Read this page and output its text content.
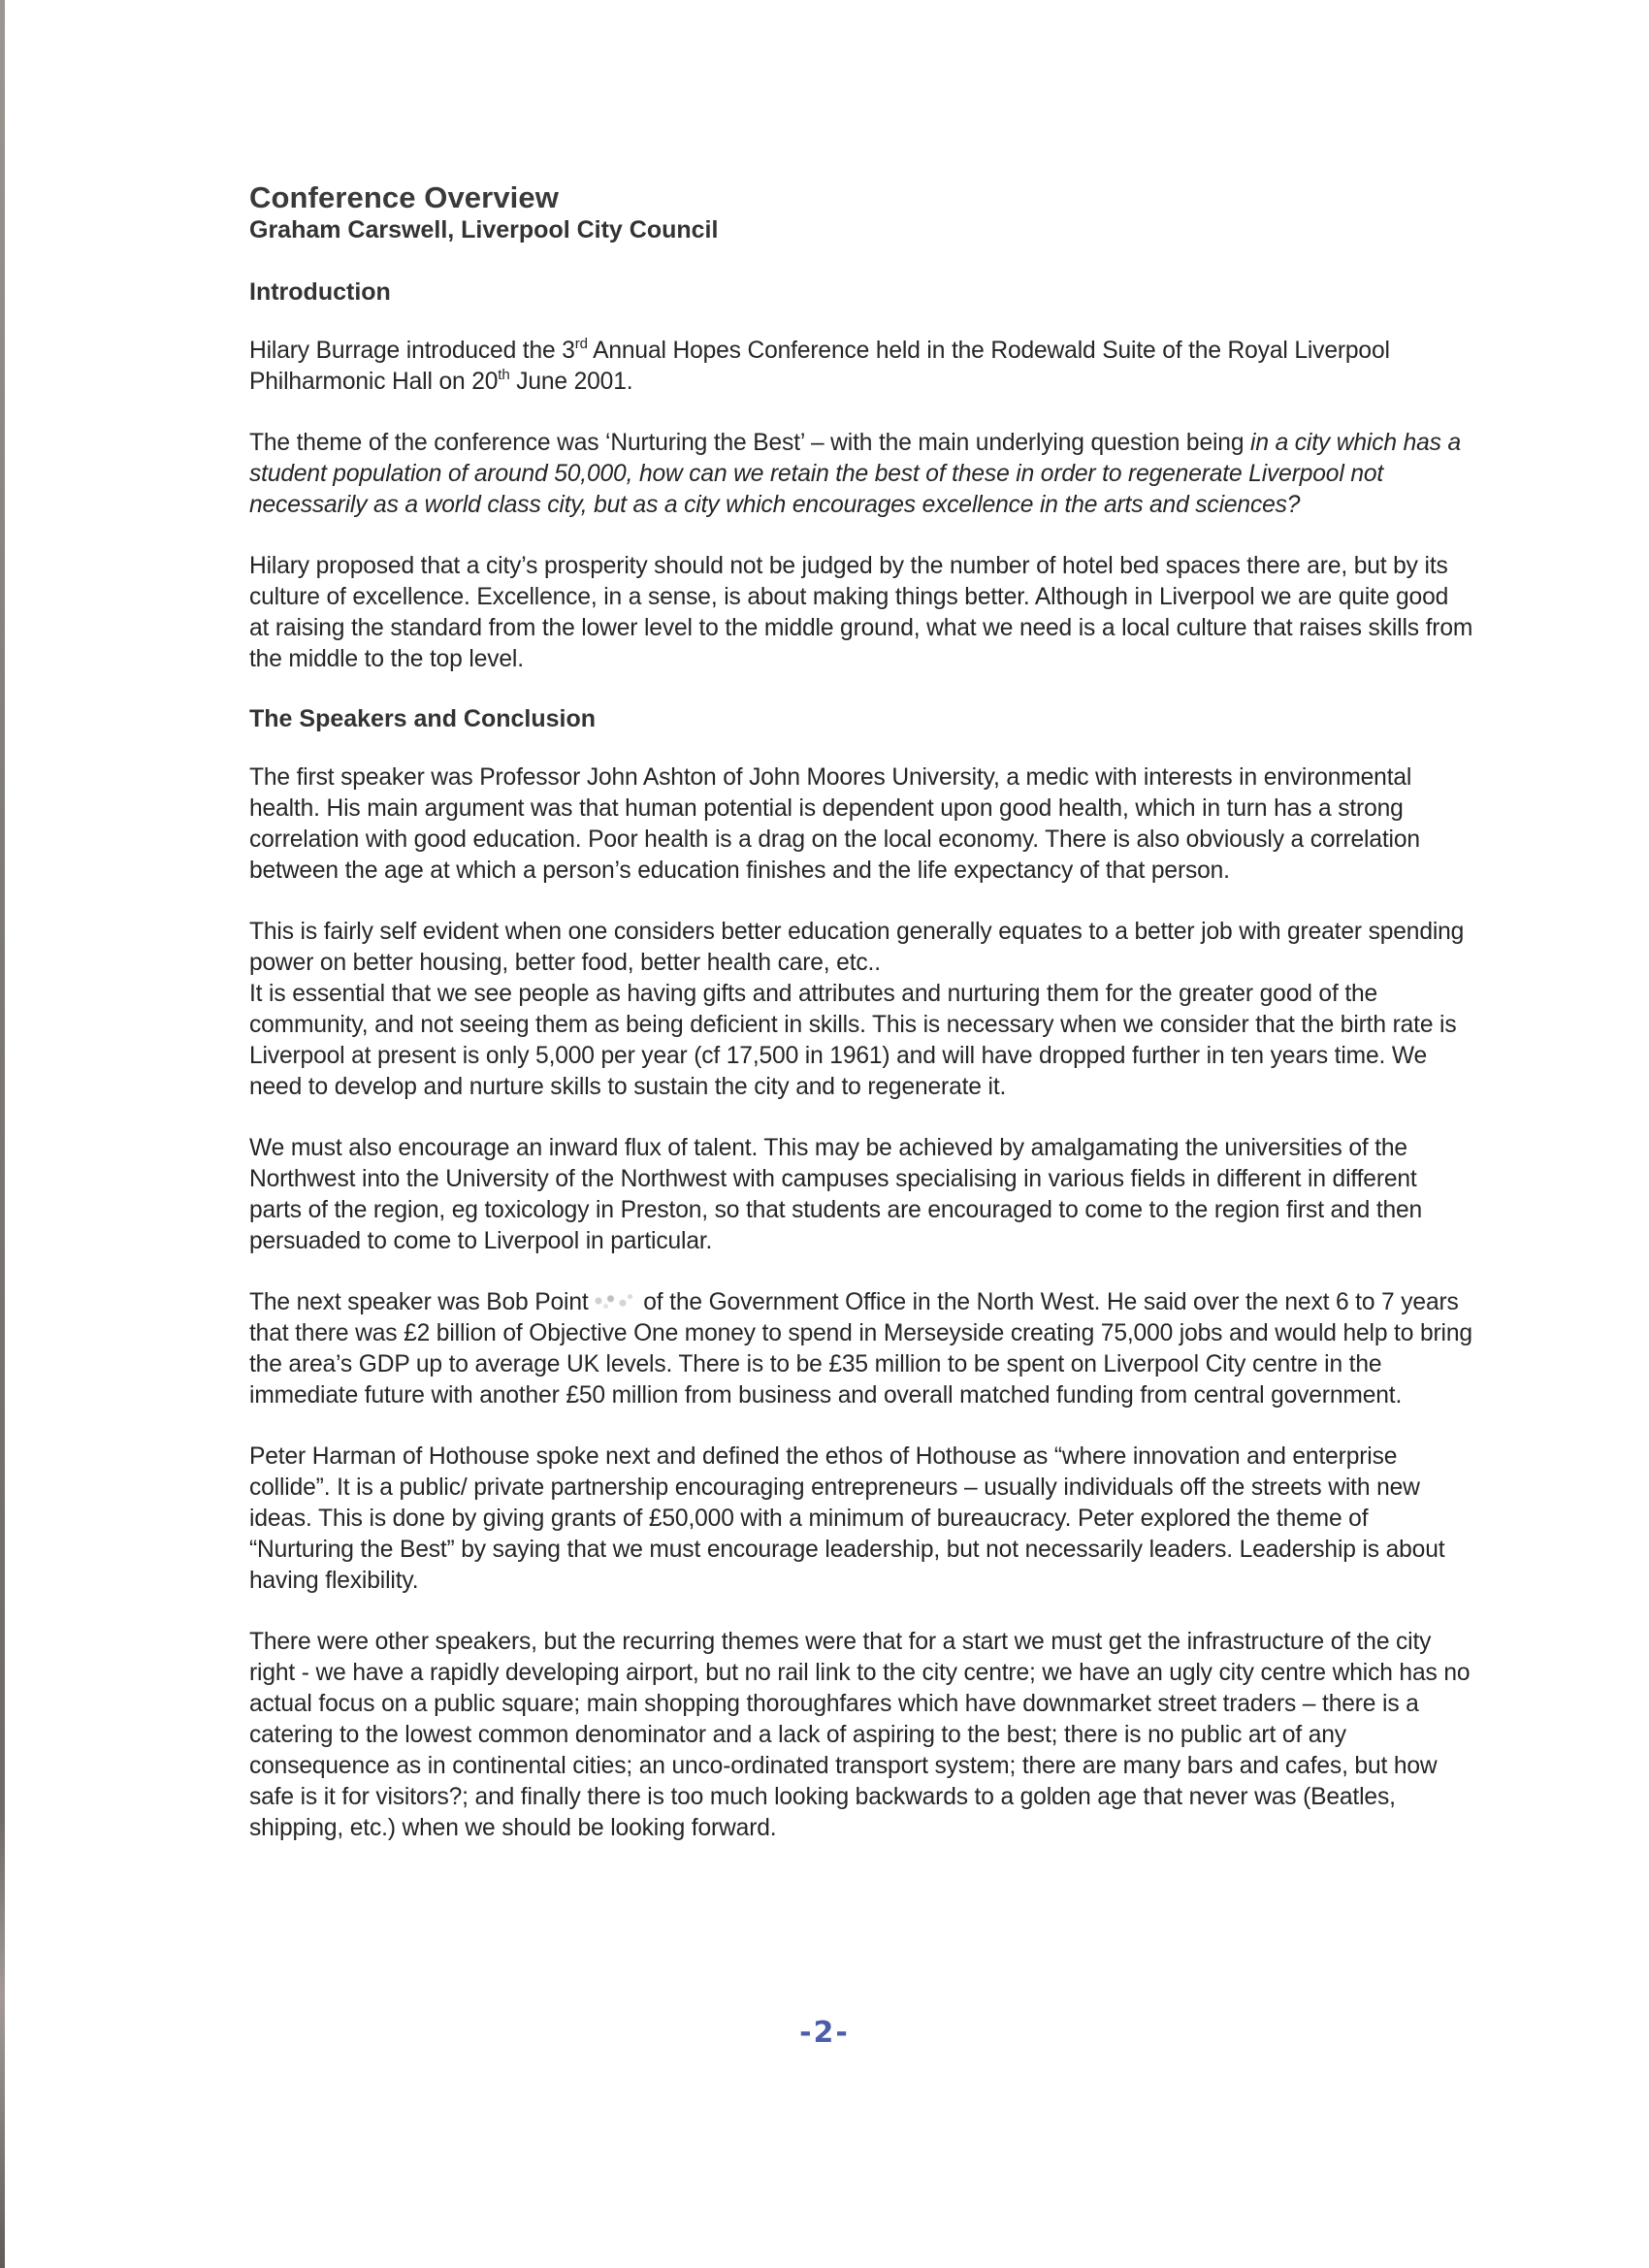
Conference Overview
Graham Carswell, Liverpool City Council
Introduction

Hilary Burrage introduced the 3rd Annual Hopes Conference held in the Rodewald Suite of the Royal Liverpool Philharmonic Hall on 20th June 2001.

The theme of the conference was ‘Nurturing the Best’ – with the main underlying question being in a city which has a student population of around 50,000, how can we retain the best of these in order to regenerate Liverpool not necessarily as a world class city, but as a city which encourages excellence in the arts and sciences?

Hilary proposed that a city’s prosperity should not be judged by the number of hotel bed spaces there are, but by its culture of excellence. Excellence, in a sense, is about making things better. Although in Liverpool we are quite good at raising the standard from the lower level to the middle ground, what we need is a local culture that raises skills from the middle to the top level.

The Speakers and Conclusion

The first speaker was Professor John Ashton of John Moores University, a medic with interests in environmental health. His main argument was that human potential is dependent upon good health, which in turn has a strong correlation with good education. Poor health is a drag on the local economy. There is also obviously a correlation between the age at which a person’s education finishes and the life expectancy of that person.

This is fairly self evident when one considers better education generally equates to a better job with greater spending power on better housing, better food, better health care, etc..

It is essential that we see people as having gifts and attributes and nurturing them for the greater good of the community, and not seeing them as being deficient in skills. This is necessary when we consider that the birth rate is Liverpool at present is only 5,000 per year (cf 17,500 in 1961) and will have dropped further in ten years time. We need to develop and nurture skills to sustain the city and to regenerate it.

We must also encourage an inward flux of talent. This may be achieved by amalgamating the universities of the Northwest into the University of the Northwest with campuses specialising in various fields in different in different parts of the region, eg toxicology in Preston, so that students are encouraged to come to the region first and then persuaded to come to Liverpool in particular.

The next speaker was Bob Point of the Government Office in the North West. He said over the next 6 to 7 years that there was £2 billion of Objective One money to spend in Merseyside creating 75,000 jobs and would help to bring the area’s GDP up to average UK levels. There is to be £35 million to be spent on Liverpool City centre in the immediate future with another £50 million from business and overall matched funding from central government.

Peter Harman of Hothouse spoke next and defined the ethos of Hothouse as “where innovation and enterprise collide”. It is a public/ private partnership encouraging entrepreneurs – usually individuals off the streets with new ideas. This is done by giving grants of £50,000 with a minimum of bureaucracy. Peter explored the theme of “Nurturing the Best” by saying that we must encourage leadership, but not necessarily leaders. Leadership is about having flexibility.

There were other speakers, but the recurring themes were that for a start we must get the infrastructure of the city right - we have a rapidly developing airport, but no rail link to the city centre; we have an ugly city centre which has no actual focus on a public square; main shopping thoroughfares which have downmarket street traders – there is a catering to the lowest common denominator and a lack of aspiring to the best; there is no public art of any consequence as in continental cities; an unco-ordinated transport system; there are many bars and cafes, but how safe is it for visitors?; and finally there is too much looking backwards to a golden age that never was (Beatles, shipping, etc.) when we should be looking forward.

-2-
